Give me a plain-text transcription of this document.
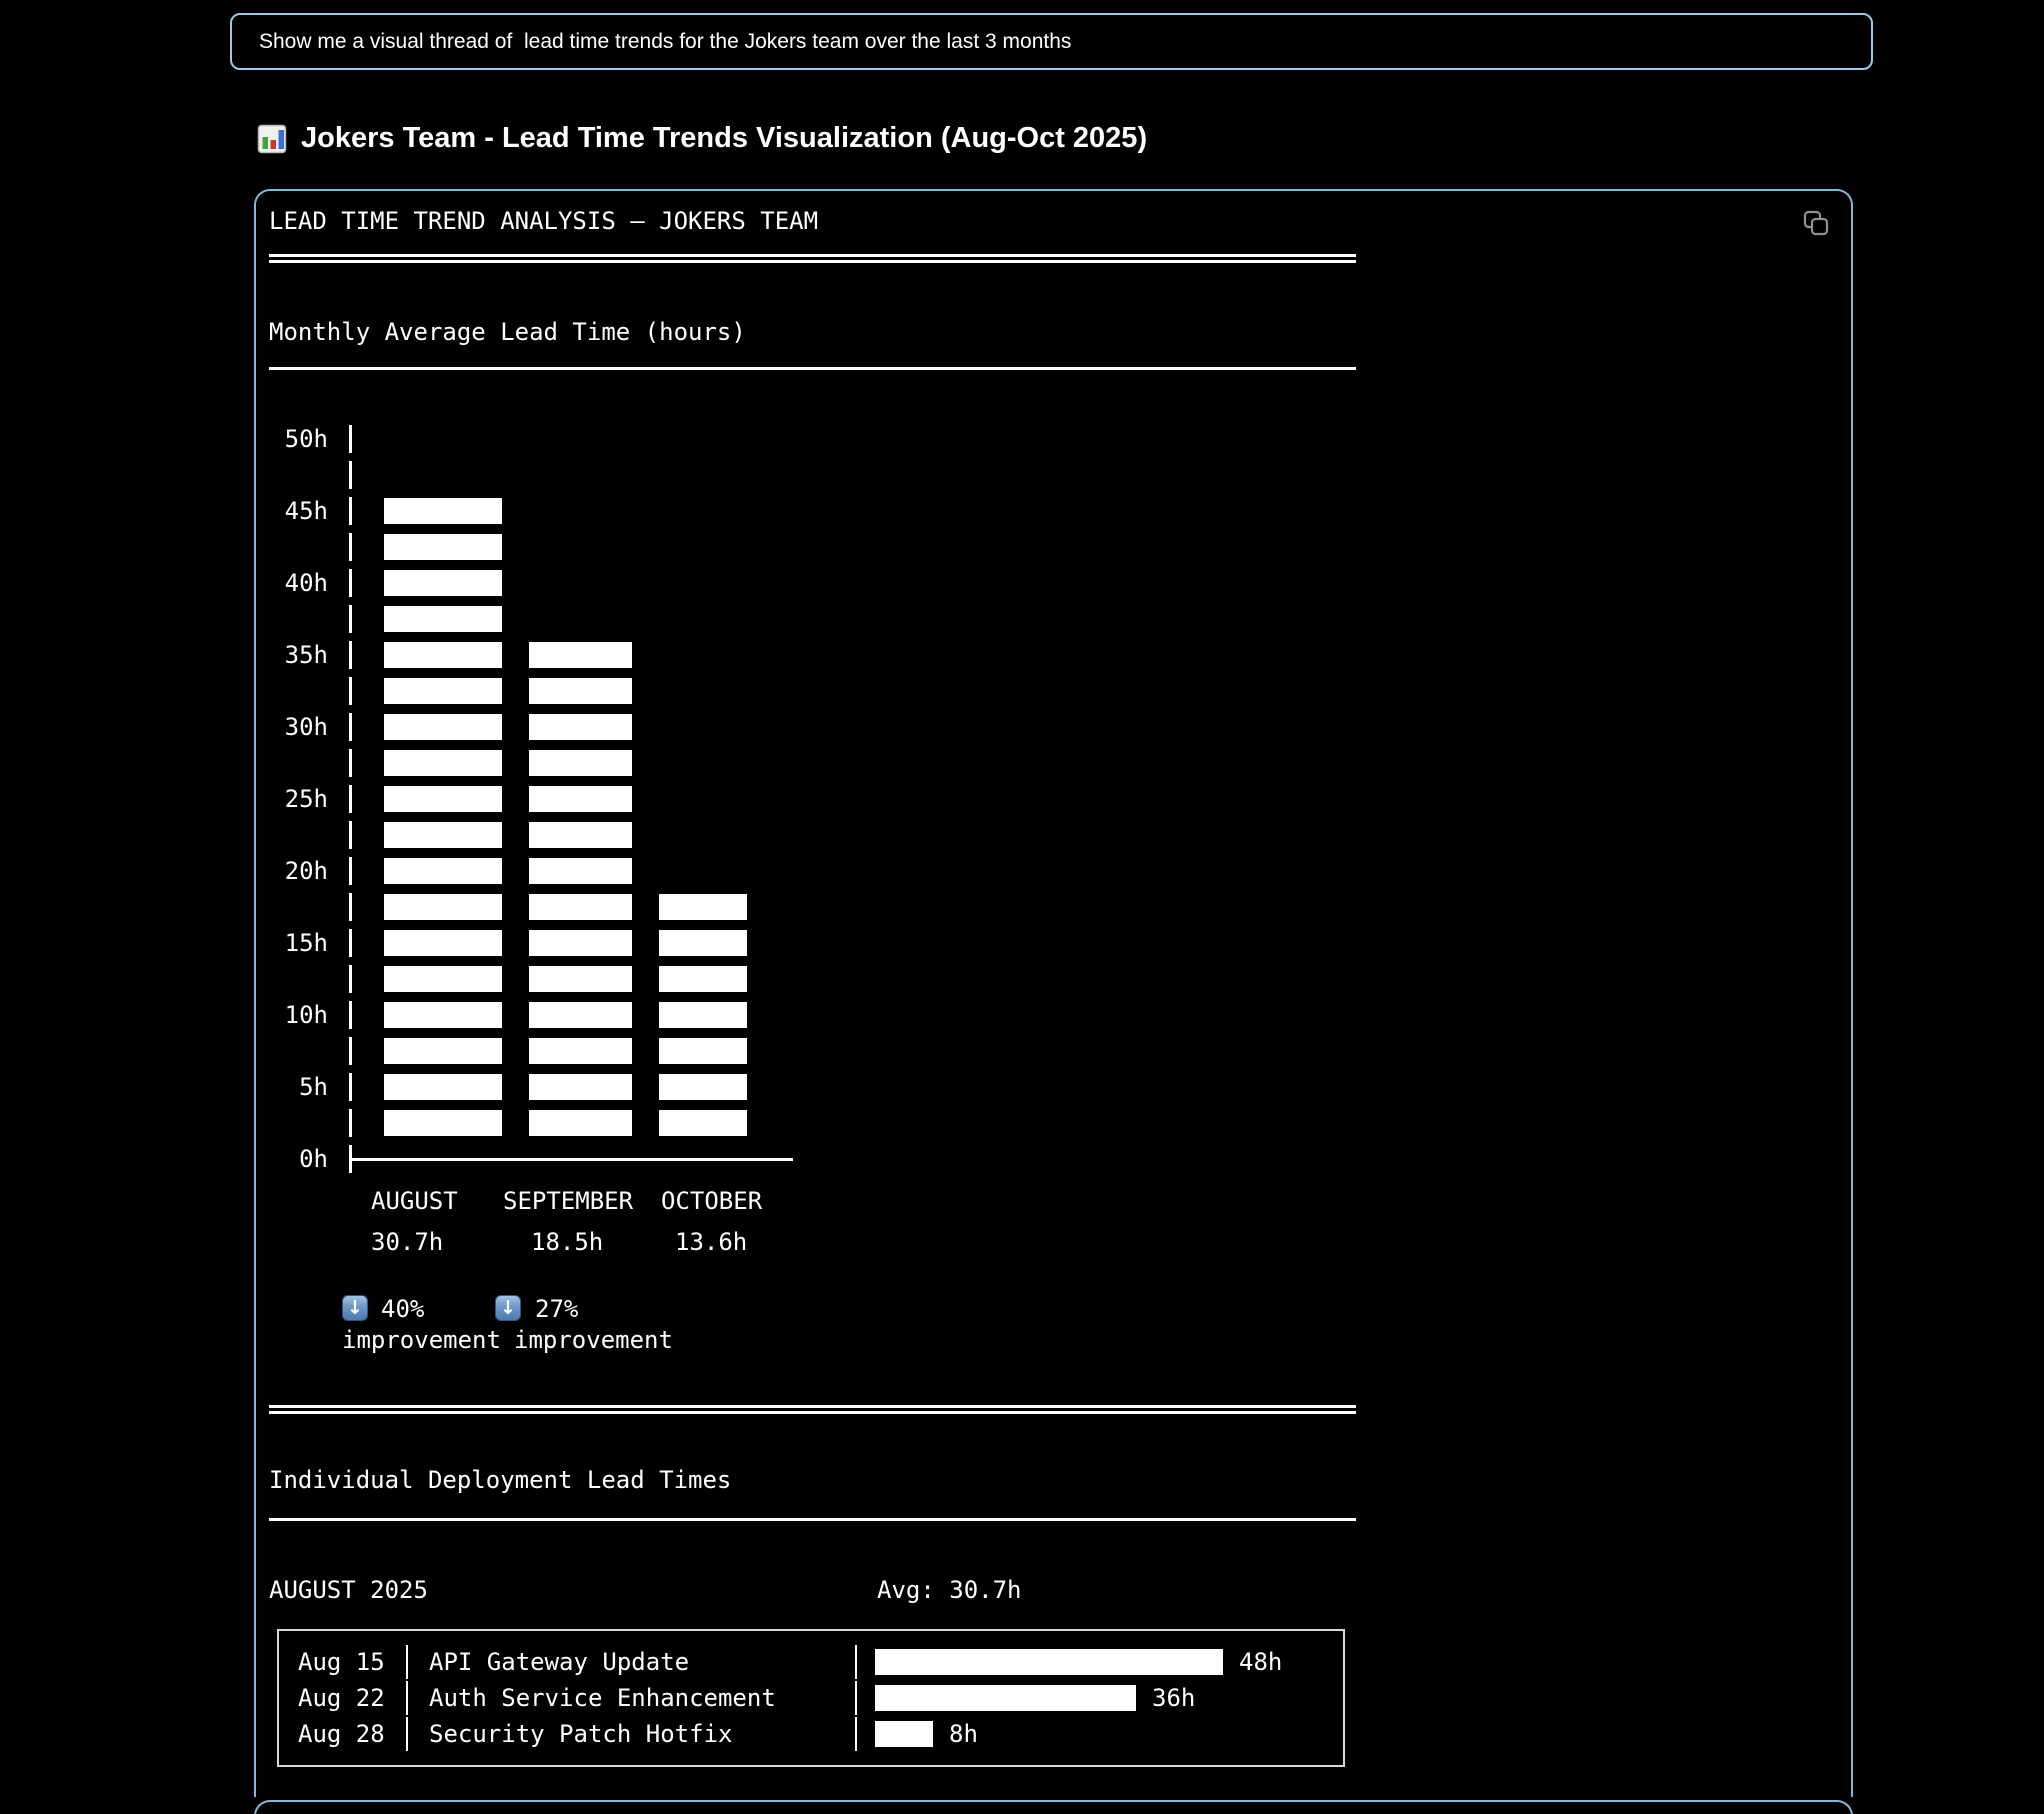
Show me a visual thread of  lead time trends for the Jokers team over the last 3 months
Jokers Team - Lead Time Trends Visualization (Aug-Oct 2025)
LEAD TIME TREND ANALYSIS — JOKERS TEAM
Monthly Average Lead Time (hours)
50h
45h
40h
35h
30h
25h
20h
15h
10h
5h
0h
AUGUST SEPTEMBER OCTOBER
30.7h	18.5h	13.6h
↓ 40%	↓ 27%
improvement improvement
Individual Deployment Lead Times
AUGUST 2025	Avg: 30.7h
Aug 15 API Gateway Update	48h
Aug 22 Auth Service Enhancement	36h
Aug 28 Security Patch Hotfix	8h
